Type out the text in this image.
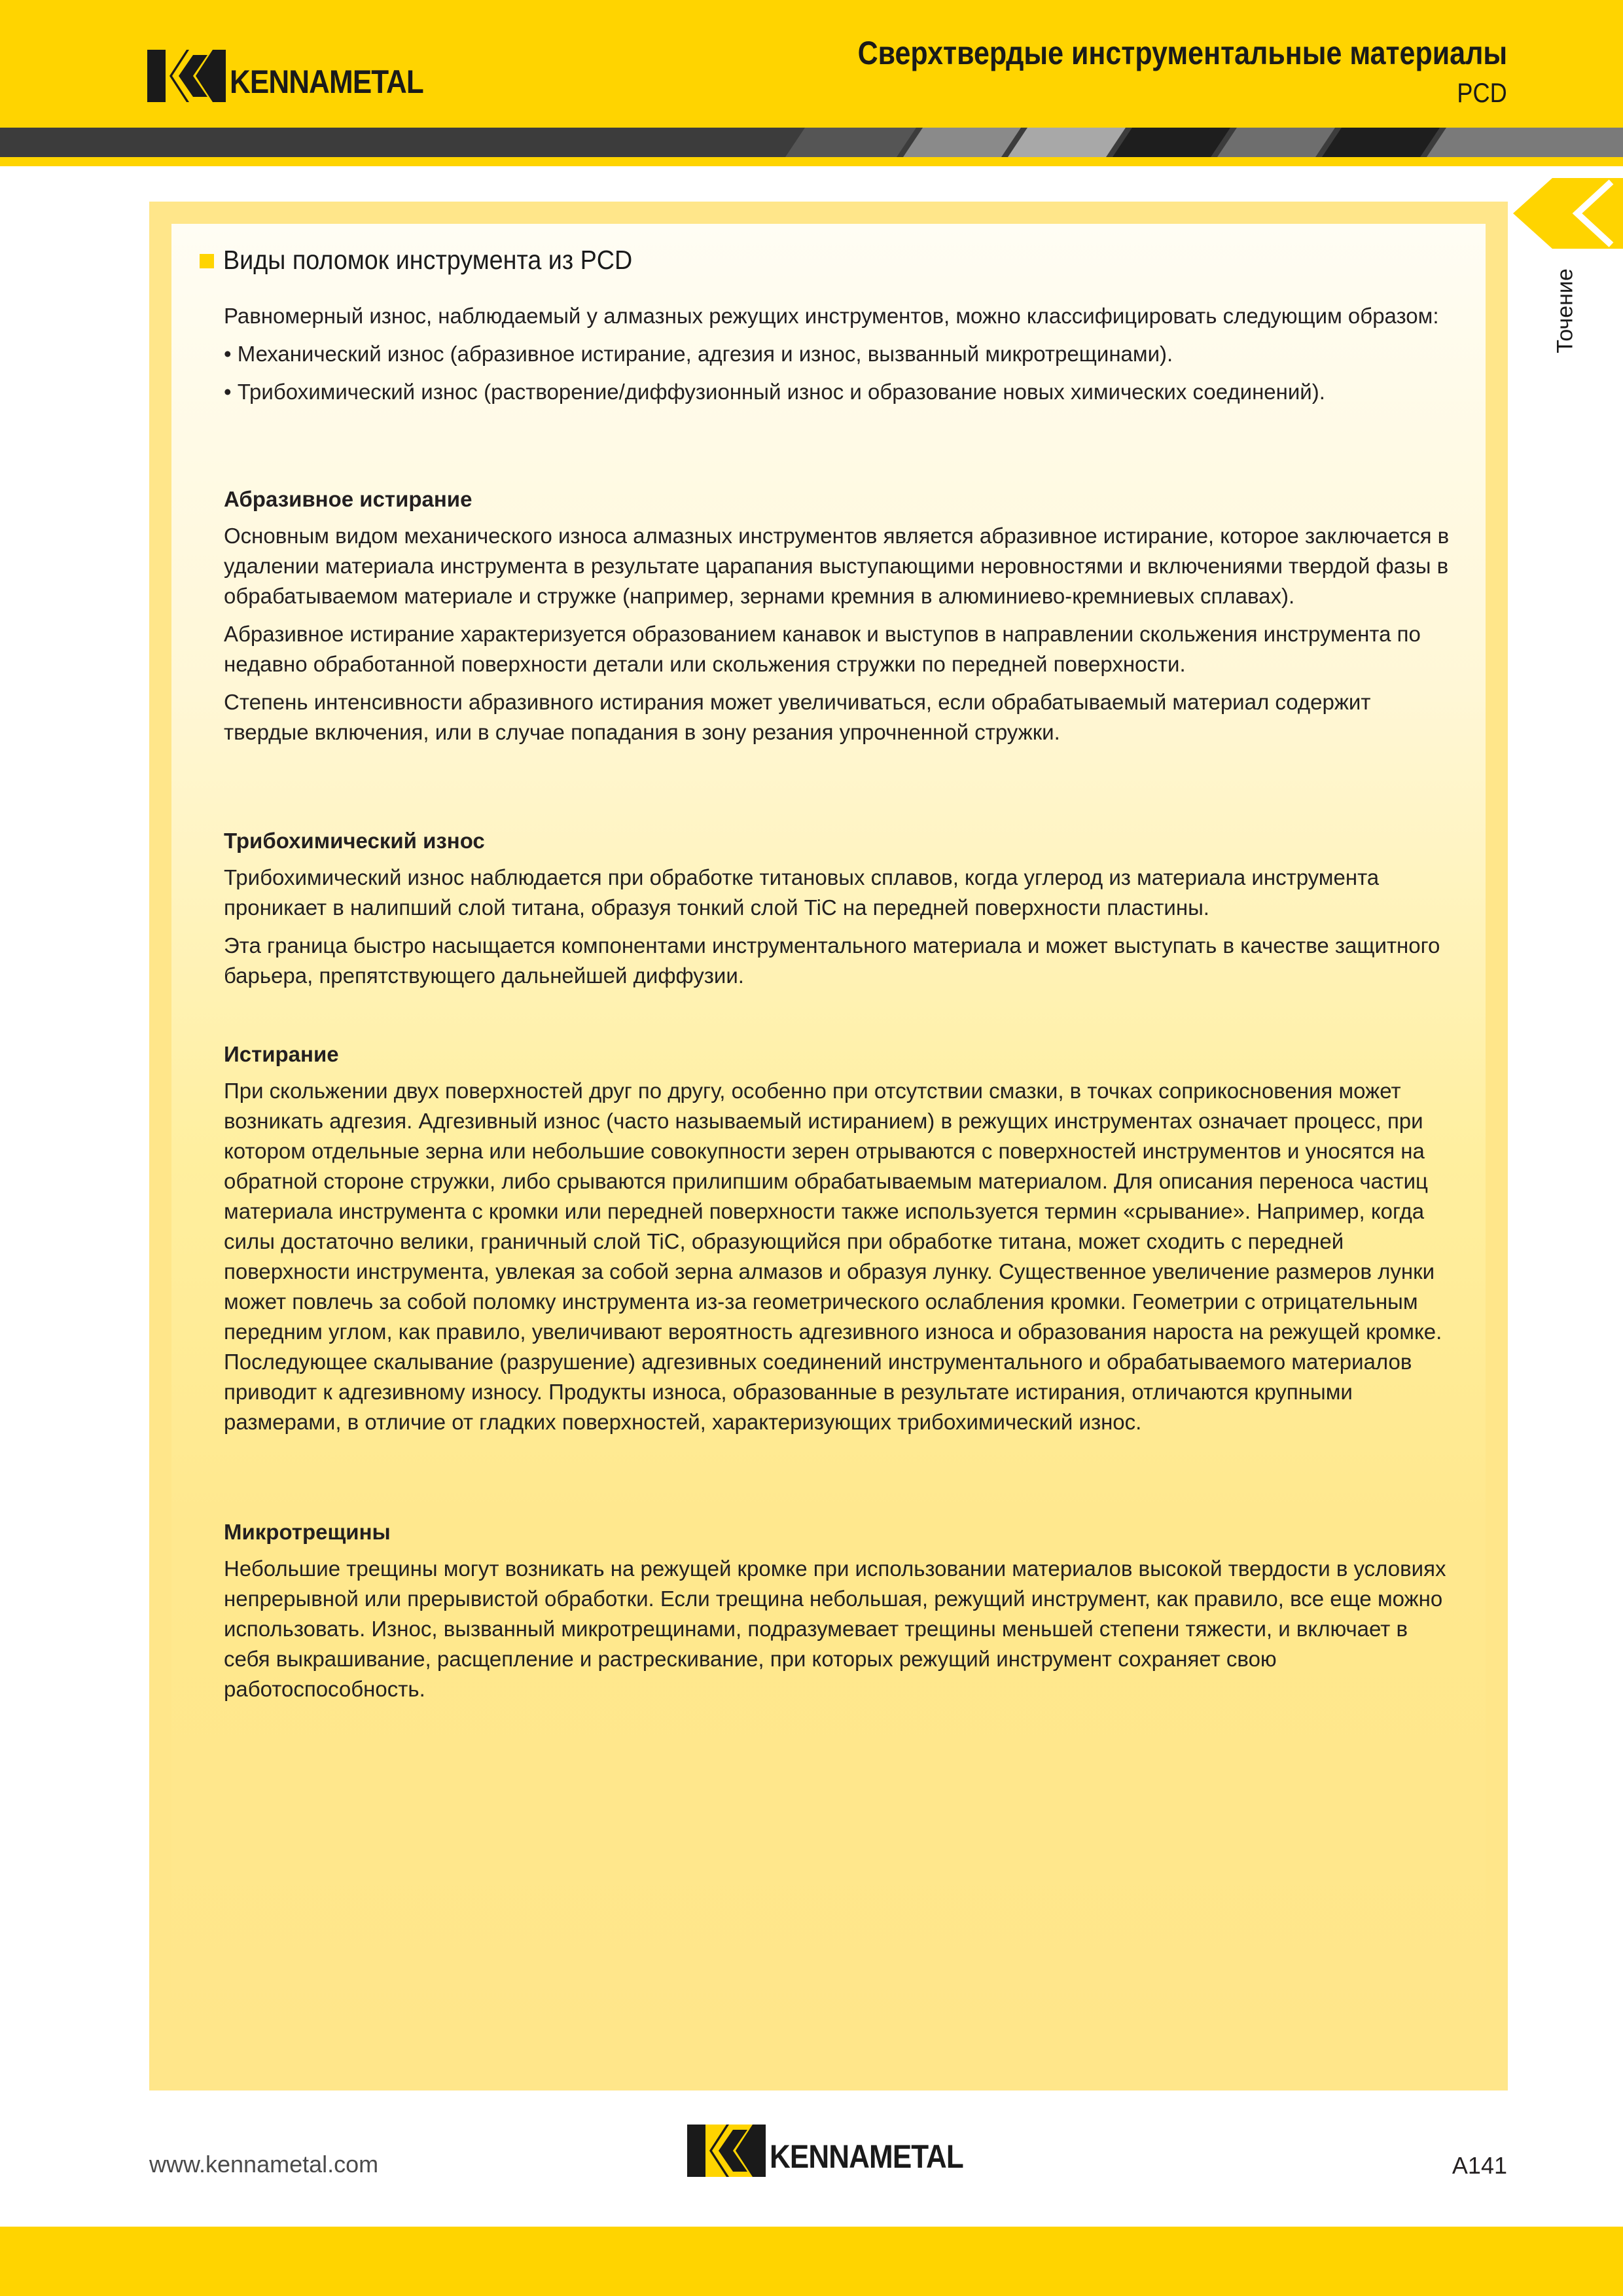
KENNAMETAL
Сверхтвердые инструментальные материалы
PCD
Точение
Виды поломок инструмента из PCD

Равномерный износ, наблюдаемый у алмазных режущих инструментов, можно классифицировать следующим образом:

• Механический износ (абразивное истирание, адгезия и износ, вызванный микротрещинами).

• Трибохимический износ (растворение/диффузионный износ и образование новых химических соединений).

Абразивное истирание

Основным видом механического износа алмазных инструментов является абразивное истирание, которое заключается в удалении материала инструмента в результате царапания выступающими неровностями и включениями твердой фазы в обрабатываемом материале и стружке (например, зернами кремния в алюминиево-кремниевых сплавах).

Абразивное истирание характеризуется образованием канавок и выступов в направлении скольжения инструмента по недавно обработанной поверхности детали или скольжения стружки по передней поверхности.

Степень интенсивности абразивного истирания может увеличиваться, если обрабатываемый материал содержит твердые включения, или в случае попадания в зону резания упрочненной стружки.

Трибохимический износ

Трибохимический износ наблюдается при обработке титановых сплавов, когда углерод из материала инструмента проникает в налипший слой титана, образуя тонкий слой TiC на передней поверхности пластины.

Эта граница быстро насыщается компонентами инструментального материала и может выступать в качестве защитного барьера, препятствующего дальнейшей диффузии.

Истирание

При скольжении двух поверхностей друг по другу, особенно при отсутствии смазки, в точках соприкосновения может возникать адгезия. Адгезивный износ (часто называемый истиранием) в режущих инструментах означает процесс, при котором отдельные зерна или небольшие совокупности зерен отрываются с поверхностей инструментов и уносятся на обратной стороне стружки, либо срываются прилипшим обрабатываемым материалом. Для описания переноса частиц материала инструмента с кромки или передней поверхности также используется термин «срывание». Например, когда силы достаточно велики, граничный слой TiC, образующийся при обработке титана, может сходить с передней поверхности инструмента, увлекая за собой зерна алмазов и образуя лунку. Существенное увеличение размеров лунки может повлечь за собой поломку инструмента из-за геометрического ослабления кромки. Геометрии с отрицательным передним углом, как правило, увеличивают вероятность адгезивного износа и образования нароста на режущей кромке. Последующее скалывание (разрушение) адгезивных соединений инструментального и обрабатываемого материалов приводит к адгезивному износу. Продукты износа, образованные в результате истирания, отличаются крупными размерами, в отличие от гладких поверхностей, характеризующих трибохимический износ.

Микротрещины

Небольшие трещины могут возникать на режущей кромке при использовании материалов высокой твердости в условиях непрерывной или прерывистой обработки. Если трещина небольшая, режущий инструмент, как правило, все еще можно использовать. Износ, вызванный микротрещинами, подразумевает трещины меньшей степени тяжести, и включает в себя выкрашивание, расщепление и растрескивание, при которых режущий инструмент сохраняет свою работоспособность.

www.kennametal.com	KENNAMETAL	A141
